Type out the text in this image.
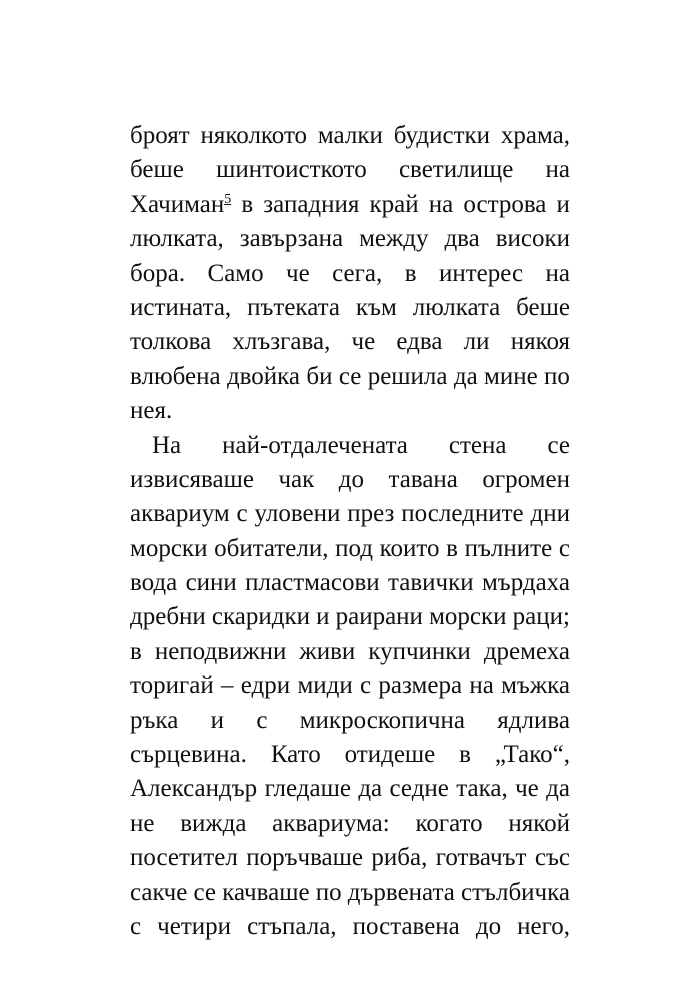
броят няколкото малки будистки храма,
беше шинтоисткото светилище на
Хачиман$^5$ в западния край на острова и
люлката, завързана между два високи
бора. Само че сега, в интерес на
истината, пътеката към люлката беше
толкова хлъзгава, че едва ли някоя
влюбена двойка би се решила да мине по
нея.
На най-отдалечената стена се
извисяваше чак до тавана огромен
аквариум с уловени през последните дни
морски обитатели, под които в пълните с
вода сини пластмасови тавички мърдаха
дребни скаридки и раирани морски раци;
в неподвижни живи купчинки дремеха
торигай – едри миди с размера на мъжка
ръка и с микроскопична ядлива
сърцевина. Като отидеше в „Тако“,
Александър гледаше да седне така, че да
не вижда аквариума: когато някой
посетител поръчваше риба, готвачът със
сакче се качваше по дървената стълбичка
с четири стъпала, поставена до него,
